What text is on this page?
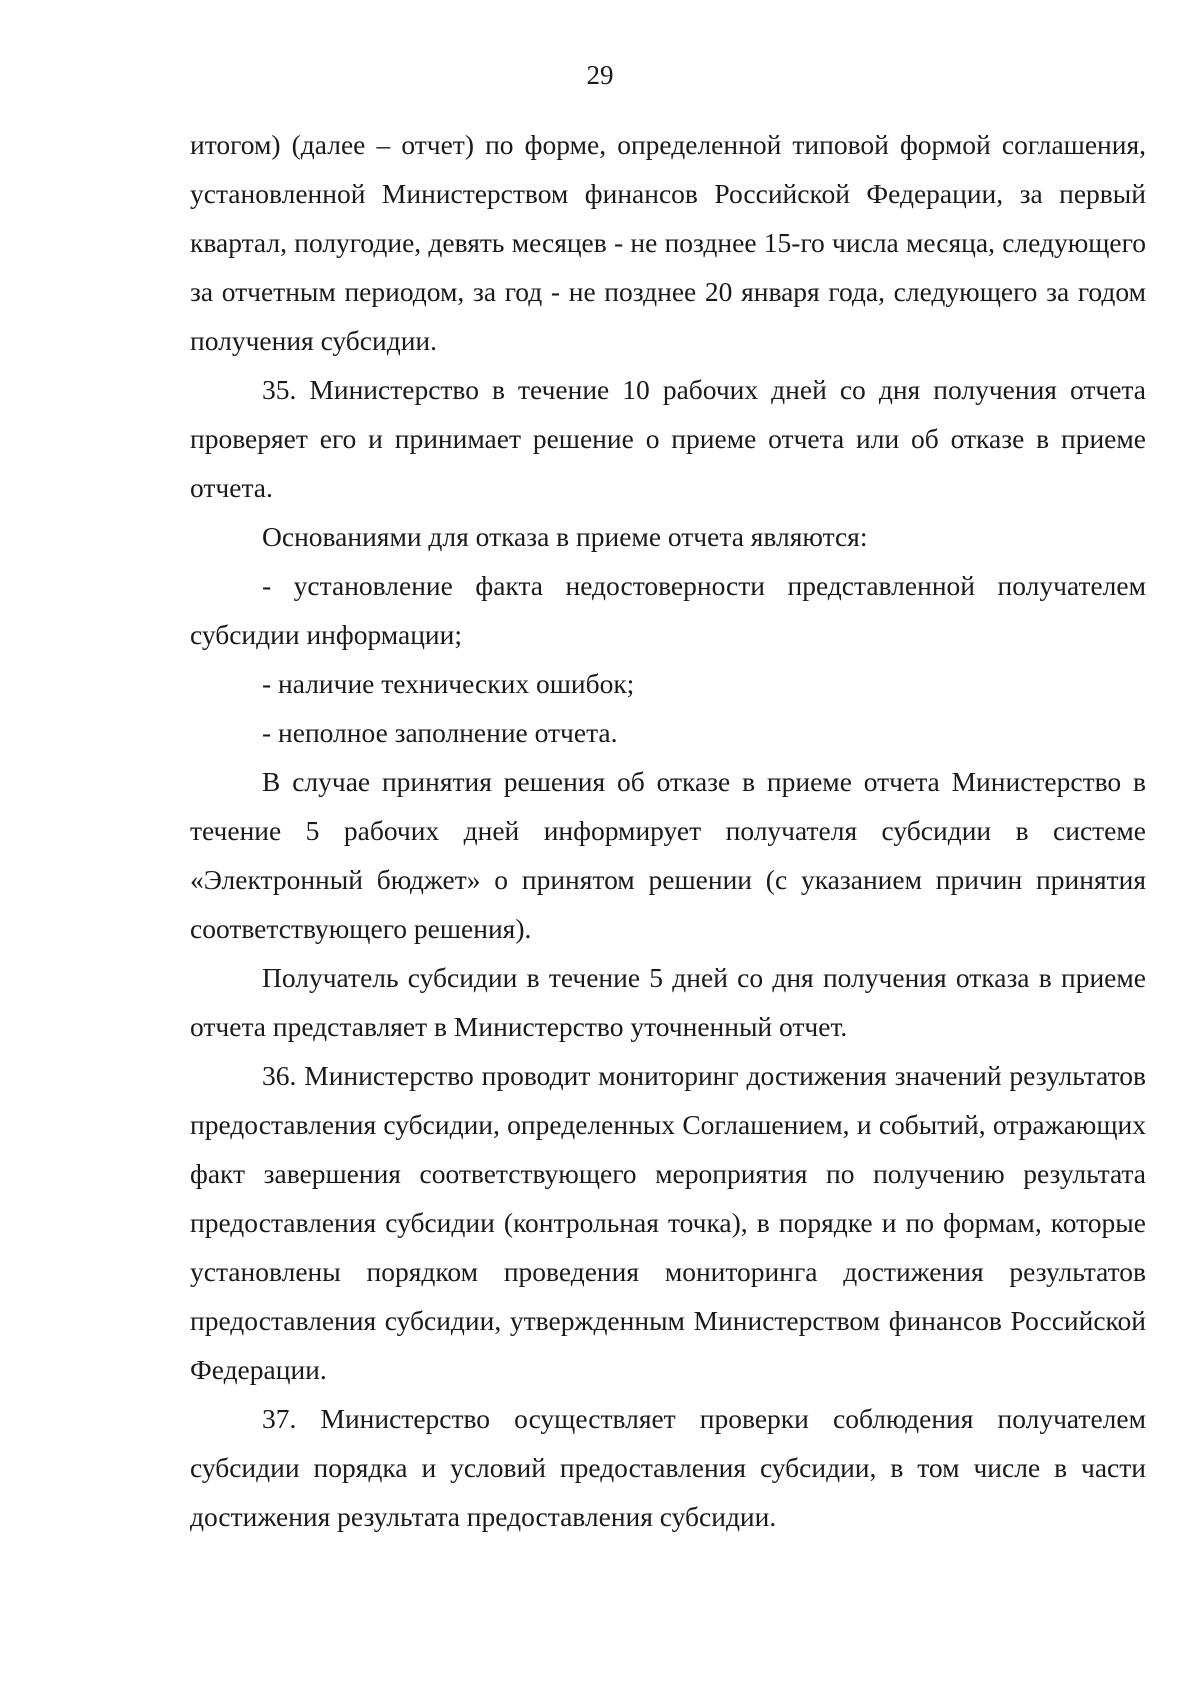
29

итогом) (далее – отчет) по форме, определенной типовой формой соглашения, установленной Министерством финансов Российской Федерации, за первый квартал, полугодие, девять месяцев - не позднее 15-го числа месяца, следующего за отчетным периодом, за год - не позднее 20 января года, следующего за годом получения субсидии.

35. Министерство в течение 10 рабочих дней со дня получения отчета проверяет его и принимает решение о приеме отчета или об отказе в приеме отчета.

Основаниями для отказа в приеме отчета являются:

- установление факта недостоверности представленной получателем субсидии информации;

- наличие технических ошибок;

- неполное заполнение отчета.

В случае принятия решения об отказе в приеме отчета Министерство в течение 5 рабочих дней информирует получателя субсидии в системе «Электронный бюджет» о принятом решении (с указанием причин принятия соответствующего решения).

Получатель субсидии в течение 5 дней со дня получения отказа в приеме отчета представляет в Министерство уточненный отчет.

36. Министерство проводит мониторинг достижения значений результатов предоставления субсидии, определенных Соглашением, и событий, отражающих факт завершения соответствующего мероприятия по получению результата предоставления субсидии (контрольная точка), в порядке и по формам, которые установлены порядком проведения мониторинга достижения результатов предоставления субсидии, утвержденным Министерством финансов Российской Федерации.

37. Министерство осуществляет проверки соблюдения получателем субсидии порядка и условий предоставления субсидии, в том числе в части достижения результата предоставления субсидии.
